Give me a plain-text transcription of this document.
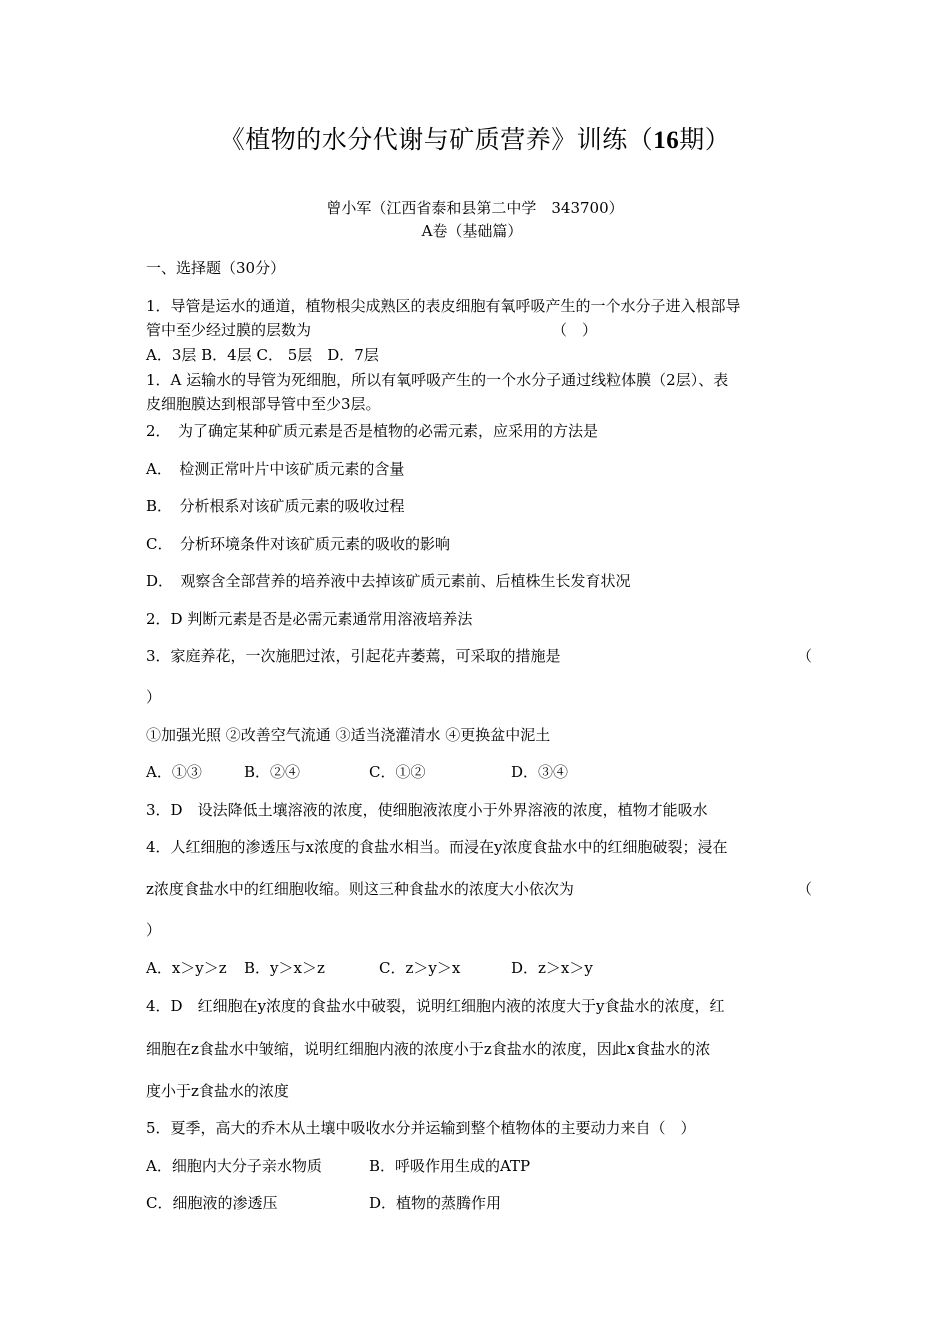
《植物的水分代谢与矿质营养》训练（16期）
曾小军（江西省泰和县第二中学　343700）
A卷（基础篇）
一、选择题（30分）
1．导管是运水的通道，植物根尖成熟区的表皮细胞有氧呼吸产生的一个水分子进入根部导
管中至少经过膜的层数为	（　）
A．3层 B．4层 C． 5层　D．7层
1．A 运输水的导管为死细胞，所以有氧呼吸产生的一个水分子通过线粒体膜（2层）、表
皮细胞膜达到根部导管中至少3层。
2．　为了确定某种矿质元素是否是植物的必需元素，应采用的方法是
A．　检测正常叶片中该矿质元素的含量
B．　分析根系对该矿质元素的吸收过程
C．　分析环境条件对该矿质元素的吸收的影响
D．　观察含全部营养的培养液中去掉该矿质元素前、后植株生长发育状况
2．D 判断元素是否是必需元素通常用溶液培养法
3．家庭养花，一次施肥过浓，引起花卉萎蔫，可采取的措施是	（
）
①加强光照 ②改善空气流通 ③适当浇灌清水 ④更换盆中泥土
A．①③	B．②④	C．①②	D．③④
3．D　设法降低土壤溶液的浓度，使细胞液浓度小于外界溶液的浓度，植物才能吸水
4．人红细胞的渗透压与x浓度的食盐水相当。而浸在y浓度食盐水中的红细胞破裂；浸在
z浓度食盐水中的红细胞收缩。则这三种食盐水的浓度大小依次为	（
）
A．x＞y＞z B．y＞x＞z	C．z＞y＞x	D．z＞x＞y
4．D　红细胞在y浓度的食盐水中破裂，说明红细胞内液的浓度大于y食盐水的浓度，红
细胞在z食盐水中皱缩，说明红细胞内液的浓度小于z食盐水的浓度，因此x食盐水的浓
度小于z食盐水的浓度
5．夏季，高大的乔木从土壤中吸收水分并运输到整个植物体的主要动力来自（　）
A．细胞内大分子亲水物质	B．呼吸作用生成的ATP
C．细胞液的渗透压	D．植物的蒸腾作用
